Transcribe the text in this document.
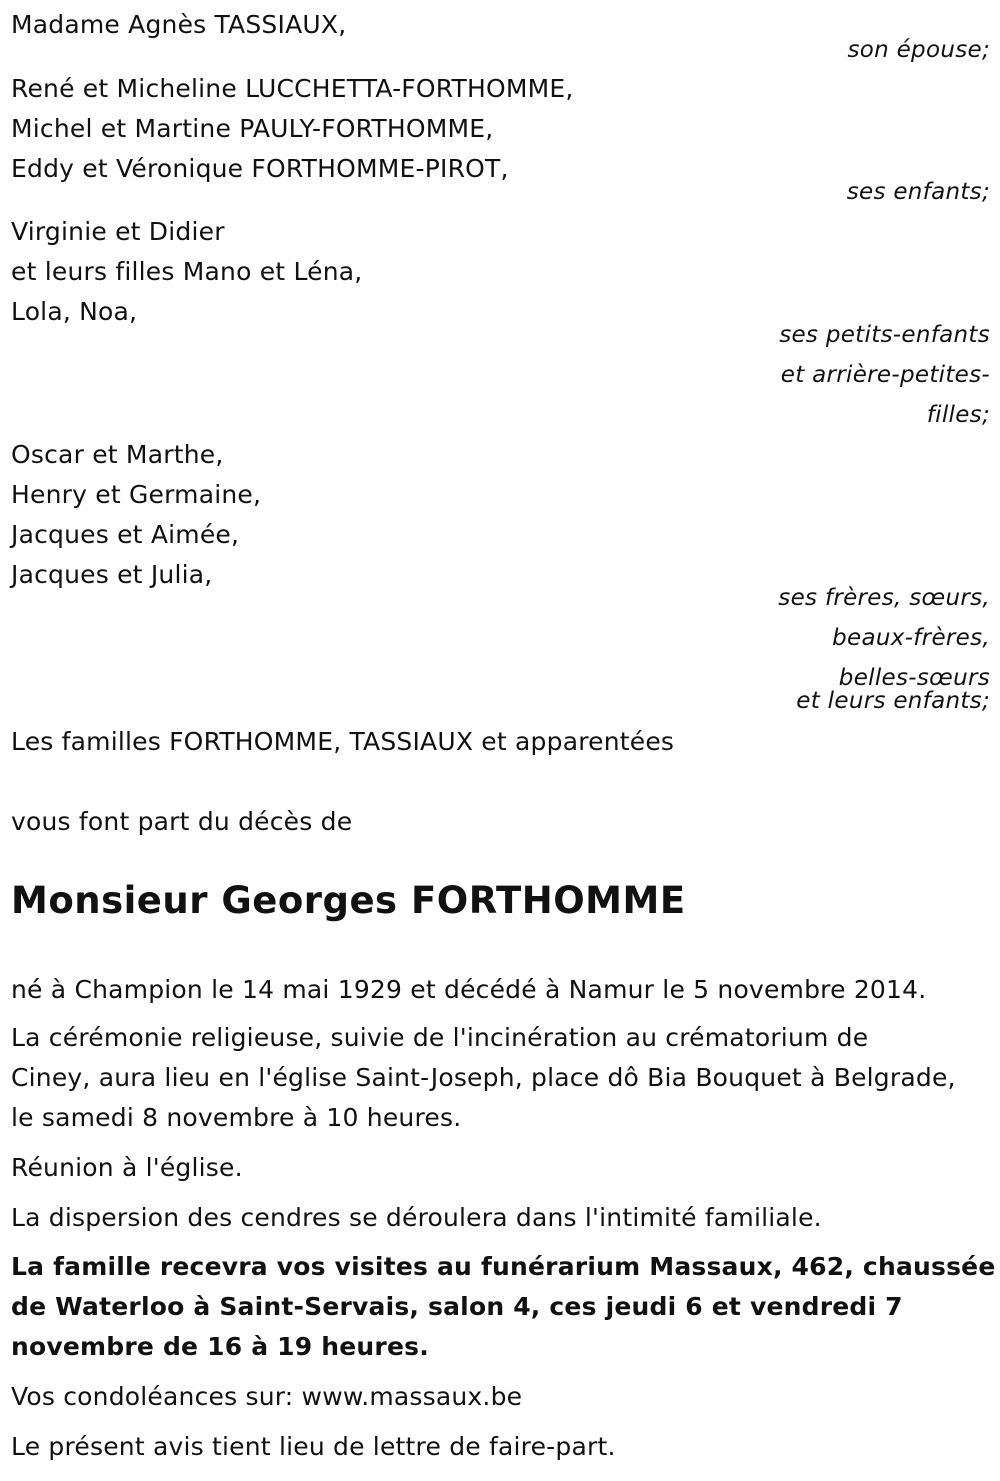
Madame Agnès TASSIAUX,
son épouse;
René et Micheline LUCCHETTA-FORTHOMME,
Michel et Martine PAULY-FORTHOMME,
Eddy et Véronique FORTHOMME-PIROT,
ses enfants;
Virginie et Didier
et leurs filles Mano et Léna,
Lola, Noa,
ses petits-enfants
et arrière-petites-
filles;
Oscar et Marthe,
Henry et Germaine,
Jacques et Aimée,
Jacques et Julia,
ses frères, sœurs,
beaux-frères,
belles-sœurs
et leurs enfants;
Les familles FORTHOMME, TASSIAUX et apparentées
vous font part du décès de
Monsieur Georges FORTHOMME
né à Champion le 14 mai 1929 et décédé à Namur le 5 novembre 2014.
La cérémonie religieuse, suivie de l'incinération au crématorium de
Ciney, aura lieu en l'église Saint-Joseph, place dô Bia Bouquet à Belgrade,
le samedi 8 novembre à 10 heures.
Réunion à l'église.
La dispersion des cendres se déroulera dans l'intimité familiale.
La famille recevra vos visites au funérarium Massaux, 462, chaussée
de Waterloo à Saint-Servais, salon 4, ces jeudi 6 et vendredi 7
novembre de 16 à 19 heures.
Vos condoléances sur: www.massaux.be
Le présent avis tient lieu de lettre de faire-part.
